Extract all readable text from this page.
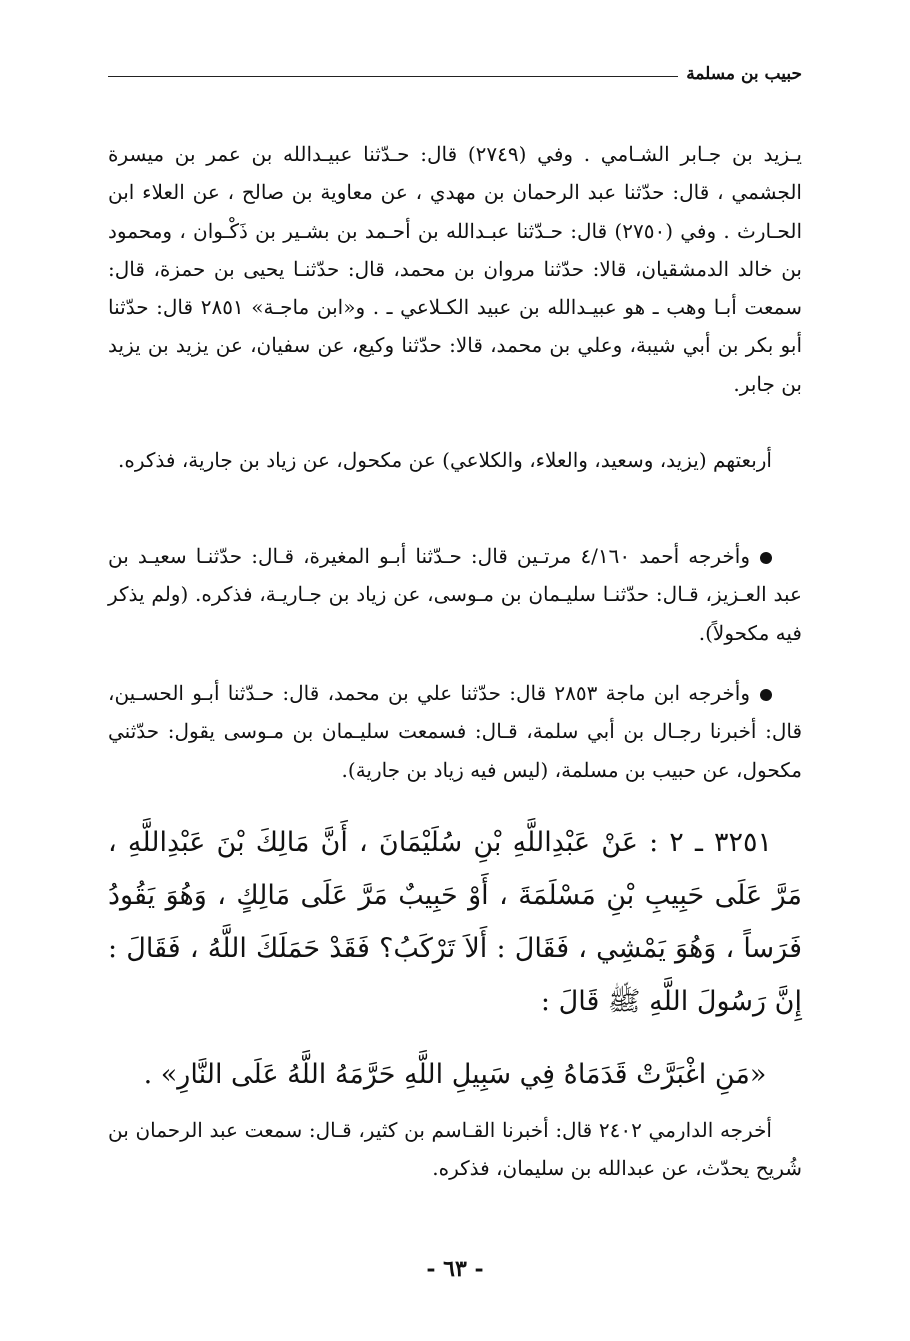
حبيب بن مسلمة

يـزيد بن جـابر الشـامي . وفي (٢٧٤٩) قال: حـدّثنا عبيـدالله بن عمر بن ميسرة الجشمي ، قال: حدّثنا عبد الرحمان بن مهدي ، عن معاوية بن صالح ، عن العلاء ابن الحـارث . وفي (٢٧٥٠) قال: حـدّثنا عبـدالله بن أحـمد بن بشـير بن ذَكْـوان ، ومحمود بن خالد الدمشقيان، قالا: حدّثنا مروان بن محمد، قال: حدّثنـا يحيى بن حمزة، قال: سمعت أبـا وهب ـ هو عبيـدالله بن عبيد الكـلاعي ـ . و«ابن ماجـة» ٢٨٥١ قال: حدّثنا أبو بكر بن أبي شيبة، وعلي بن محمد، قالا: حدّثنا وكيع، عن سفيان، عن يزيد بن يزيد بن جابر.

أربعتهم (يزيد، وسعيد، والعلاء، والكلاعي) عن مكحول، عن زياد بن جارية، فذكره.

وأخرجه أحمد ٤/١٦٠ مرتـين قال: حـدّثنا أبـو المغيرة، قـال: حدّثنـا سعيـد بن عبد العـزيز، قـال: حدّثنـا سليـمان بن مـوسى، عن زياد بن جـاريـة، فذكره. (ولم يذكر فيه مكحولاً).

وأخرجه ابن ماجة ٢٨٥٣ قال: حدّثنا علي بن محمد، قال: حـدّثنا أبـو الحسـين، قال: أخبرنا رجـال بن أبي سلمة، قـال: فسمعت سليـمان بن مـوسى يقول: حدّثني مكحول، عن حبيب بن مسلمة، (ليس فيه زياد بن جارية).

٣٢٥١ ـ ٢ : عَنْ عَبْدِاللَّهِ بْنِ سُلَيْمَانَ ، أَنَّ مَالِكَ بْنَ عَبْدِاللَّهِ ، مَرَّ عَلَى حَبِيبِ بْنِ مَسْلَمَةَ ، أَوْ حَبِيبٌ مَرَّ عَلَى مَالِكٍ ، وَهُوَ يَقُودُ فَرَساً ، وَهُوَ يَمْشِي ، فَقَالَ : أَلاَ تَرْكَبُ؟ فَقَدْ حَمَلَكَ اللَّهُ ، فَقَالَ : إِنَّ رَسُولَ اللَّهِ ﷺ قَالَ :

«مَنِ اغْبَرَّتْ قَدَمَاهُ فِي سَبِيلِ اللَّهِ حَرَّمَهُ اللَّهُ عَلَى النَّارِ» .

أخرجه الدارمي ٢٤٠٢ قال: أخبرنا القـاسم بن كثير، قـال: سمعت عبد الرحمان بن شُريح يحدّث، عن عبدالله بن سليمان، فذكره.

- ٦٣ -
